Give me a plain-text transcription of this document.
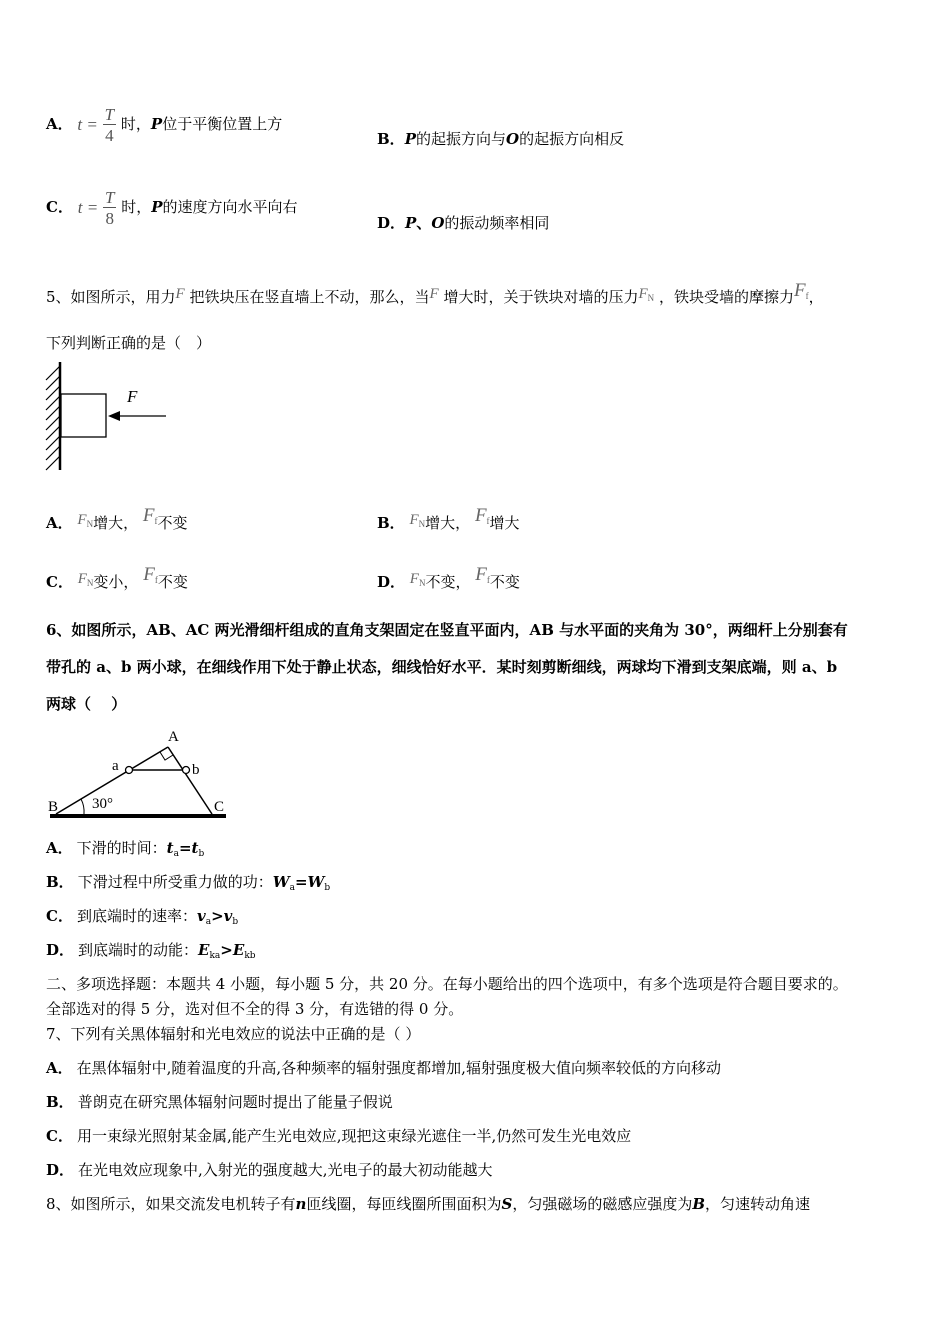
A． $t = \frac{T}{4}$ 时，P位于平衡位置上方
B．P的起振方向与O的起振方向相反
C． $t = \frac{T}{8}$ 时，P的速度方向水平向右
D．P、O的振动频率相同
5、如图所示，用力F 把铁块压在竖直墙上不动，那么，当F 增大时，关于铁块对墙的压力$F_N$ ，铁块受墙的摩擦力$F_f$，
下列判断正确的是（　）
F
A． $F_N$增大， $F_f$不变	B． $F_N$增大， $F_f$增大
C． $F_N$变小， $F_f$不变	D． $F_N$不变， $F_f$不变
6、如图所示，AB、AC 两光滑细杆组成的直角支架固定在竖直平面内，AB 与水平面的夹角为 30°，两细杆上分别套有
带孔的 a、b 两小球，在细线作用下处于静止状态，细线恰好水平．某时刻剪断细线，两球均下滑到支架底端，则 a、b
两球（　 ）
A
B	C
a	b
30°
A． 下滑的时间：$t_a=t_b$
B． 下滑过程中所受重力做的功：$W_a=W_b$
C． 到底端时的速率：$v_a>v_b$
D． 到底端时的动能：$E_{ka}>E_{kb}$
二、多项选择题：本题共 4 小题，每小题 5 分，共 20 分。在每小题给出的四个选项中，有多个选项是符合题目要求的。
全部选对的得 5 分，选对但不全的得 3 分，有选错的得 0 分。
7、下列有关黑体辐射和光电效应的说法中正确的是（ ）
A． 在黑体辐射中,随着温度的升高,各种频率的辐射强度都增加,辐射强度极大值向频率较低的方向移动
B． 普朗克在研究黑体辐射问题时提出了能量子假说
C． 用一束绿光照射某金属,能产生光电效应,现把这束绿光遮住一半,仍然可发生光电效应
D． 在光电效应现象中,入射光的强度越大,光电子的最大初动能越大
8、如图所示，如果交流发电机转子有n匝线圈，每匝线圈所围面积为S，匀强磁场的磁感应强度为B，匀速转动角速
